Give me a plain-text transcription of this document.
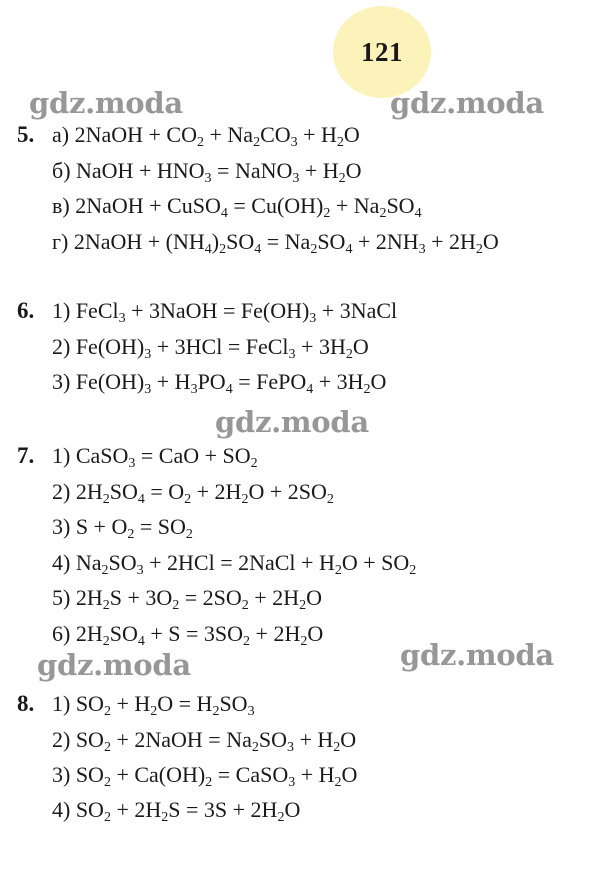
121
gdz.moda	gdz.moda
gdz.moda
gdz.moda	gdz.moda
5. а) 2NaOH + $CO_2 + Na_2CO_3 + H_2O$
б) NaOH + $HNO_3$ = NaNO$_3$ + $H_2O$
в) 2NaOH + CuSO$_4$ = $Cu(OH)_2 + Na_2SO_4$
г) 2NaOH + $(NH_4)_2SO_4 = Na_2SO_4 + 2NH_3 + 2H_2O$
6. 1) FeCl$_3$ + 3NaOH = $Fe(OH)_3$ + 3NaCl
2) $Fe(OH)_3 + 3HCl$ = FeCl$_3$ + $3H_2O$
3) $Fe(OH)_3 + H_3PO_4$ = FePO$_4$ + $3H_2O$
7. 1) CaSO$_3$ = CaO + $SO_2$
2) $2H_2SO_4 = O_2 + 2H_2O + 2SO_2$
3) $S + O_2 = SO_2$
4) $Na_2SO_3 + 2HCl$ = 2NaCl + $H_2O + SO_2$
5) $2H_2S + 3O_2 = 2SO_2 + 2H_2O$
6) $2H_2SO_4 + S = 3SO_2 + 2H_2O$
8. 1) $SO_2 + H_2O = H_2SO_3$
2) $SO_2$ + 2NaOH = $Na_2SO_3 + H_2O$
3) $SO_2 + Ca(OH)_2$ = CaSO$_3$ + $H_2O$
4) $SO_2 + 2H_2S = 3S + 2H_2O$
